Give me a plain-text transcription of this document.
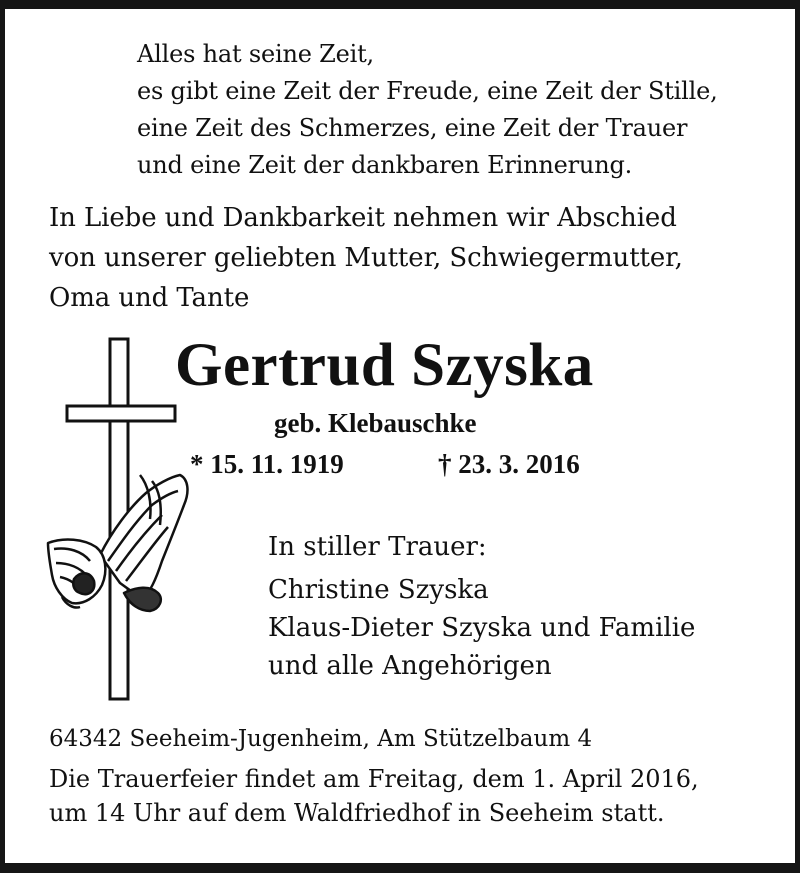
Alles hat seine Zeit,
es gibt eine Zeit der Freude, eine Zeit der Stille,
eine Zeit des Schmerzes, eine Zeit der Trauer
und eine Zeit der dankbaren Erinnerung.
In Liebe und Dankbarkeit nehmen wir Abschied
von unserer geliebten Mutter, Schwiegermutter,
Oma und Tante
Gertrud Szyska
geb. Klebauschke
* 15. 11. 1919	† 23. 3. 2016
In stiller Trauer:
Christine Szyska
Klaus-Dieter Szyska und Familie
und alle Angehörigen
64342 Seeheim-Jugenheim, Am Stützelbaum 4
Die Trauerfeier findet am Freitag, dem 1. April 2016,
um 14 Uhr auf dem Waldfriedhof in Seeheim statt.
